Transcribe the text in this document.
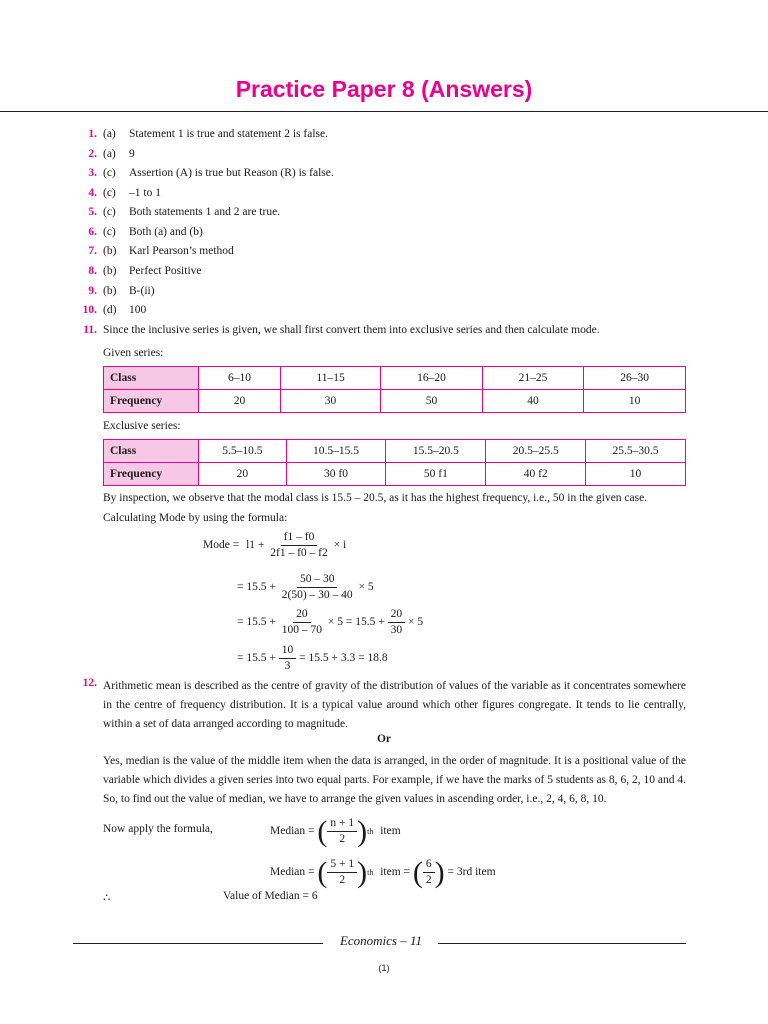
Practice Paper 8 (Answers)
1. (a)	Statement 1 is true and statement 2 is false.
2. (a)	9
3. (c)	Assertion (A) is true but Reason (R) is false.
4. (c)	–1 to 1
5. (c)	Both statements 1 and 2 are true.
6. (c)	Both (a) and (b)
7. (b)	Karl Pearson’s method
8. (b)	Perfect Positive
9. (b)	B-(ii)
10. (d)	100
11. Since the inclusive series is given, we shall first convert them into exclusive series and then calculate mode.
Given series:
Class	6–10	11–15	16–20	21–25	26–30
Frequency	20	30	50	40	10
Exclusive series:
Class	5.5–10.5	10.5–15.5	15.5–20.5	20.5–25.5	25.5–30.5
Frequency	20	30 f0	50 f1	40 f2	10
By inspection, we observe that the modal class is 15.5 – 20.5, as it has the highest frequency, i.e., 50 in the given case.
Calculating Mode by using the formula:
Mode = $l1 + \frac{f1 - f0}{2f1 - f0 - f2} \times i$
= $15.5 + \frac{50 - 30}{2(50) - 30 - 40} \times 5$
= $15.5 + \frac{20}{100 - 70} \times 5 = 15.5 + \frac{20}{30} \times 5$
= $15.5 + \frac{10}{3} = 15.5 + 3.3 = 18.8$
12. Arithmetic mean is described as the centre of gravity of the distribution of values of the variable as it concentrates somewhere in the centre of frequency distribution. It is a typical value around which other figures congregate. It tends to lie centrally, within a set of data arranged according to magnitude.
Or
Yes, median is the value of the middle item when the data is arranged, in the order of magnitude. It is a positional value of the variable which divides a given series into two equal parts. For example, if we have the marks of 5 students as 8, 6, 2, 10 and 4. So, to find out the value of median, we have to arrange the given values in ascending order, i.e., 2, 4, 6, 8, 10.
Now apply the formula,	Median = ( $\frac{n + 1}{2}$ ) th item
Median = ( $\frac{5 + 1}{2}$ ) th item = ( $\frac{6}{2}$ ) = 3rd item
∴	Value of Median = 6
Economics – 11
(1)
